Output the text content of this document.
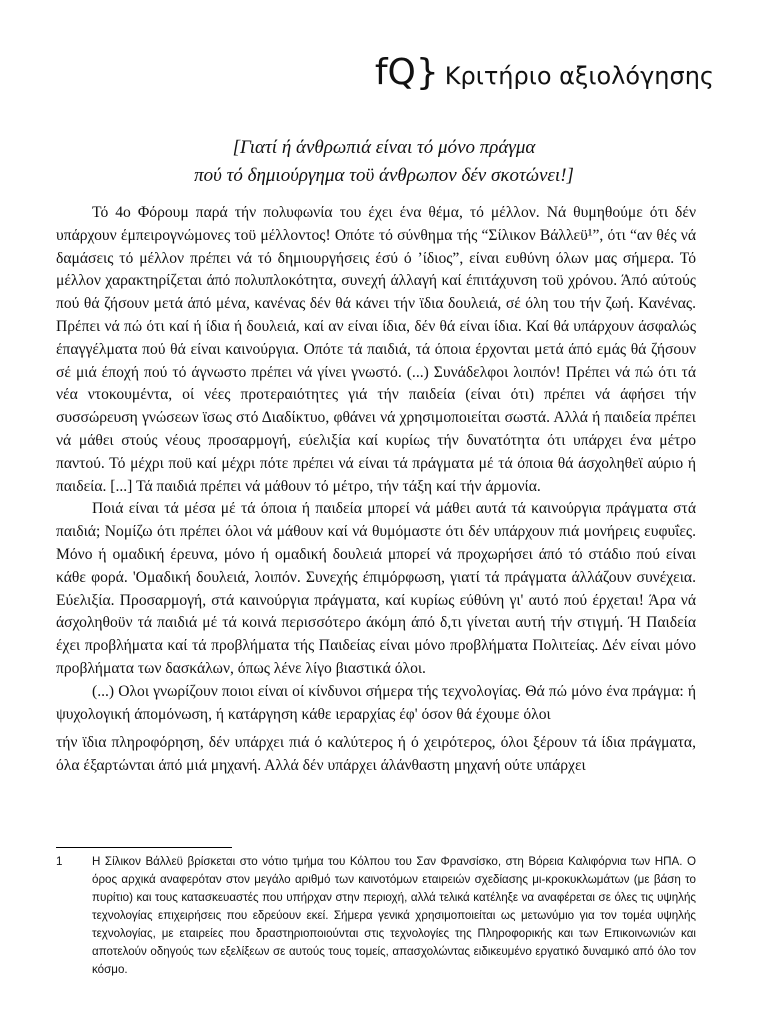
fQ} Κριτήριο αξιολόγησης
[Γιατί ή άνθρωπιά είναι τό μόνο πράγμα
πού τό δημιούργημα τοϋ άνθρωπον δέν σκοτώνει!]

Τό 4ο Φόρουμ παρά τήν πολυφωνία του έχει ένα θέμα, τό μέλλον. Νά θυμηθούμε ότι δέν υπάρχουν έμπειρογνώμονες τοϋ μέλλοντος! Οπότε τό σύνθημα τής “Σίλικον Βάλλεϋ¹”, ότι “αν θές νά δαμάσεις τό μέλλον πρέπει νά τό δημιουργήσεις έσύ ό ’ίδιος”, είναι ευθύνη όλων μας σήμερα. Τό μέλλον χαρακτηρίζεται άπό πολυπλοκότητα, συνεχή άλλαγή καί έπιτάχυνση τοϋ χρόνου. Άπό αύτούς πού θά ζήσουν μετά άπό μένα, κανένας δέν θά κάνει τήν ϊδια δουλειά, σέ όλη του τήν ζωή. Κανένας. Πρέπει νά πώ ότι καί ή ίδια ή δουλειά, καί αν είναι ίδια, δέν θά είναι ίδια. Καί θά υπάρχουν άσφαλώς έπαγγέλματα πού θά είναι καινούργια. Οπότε τά παιδιά, τά όποια έρχονται μετά άπό εμάς θά ζήσουν σέ μιά έποχή πού τό άγνωστο πρέπει νά γίνει γνωστό. (...) Συνάδελφοι λοιπόν! Πρέπει νά πώ ότι τά νέα ντοκουμέντα, οί νέες προτεραιότητες γιά τήν παιδεία (είναι ότι) πρέπει νά άφήσει τήν συσσώρευση γνώσεων ϊσως στό Διαδίκτυο, φθάνει νά χρησιμοποιείται σωστά. Αλλά ή παιδεία πρέπει νά μάθει στούς νέους προσαρμογή, εύελιξία καί κυρίως τήν δυνατότητα ότι υπάρχει ένα μέτρο παντού. Τό μέχρι ποϋ καί μέχρι πότε πρέπει νά είναι τά πράγματα μέ τά όποια θά άσχοληθεϊ αύριο ή παιδεία. [...] Τά παιδιά πρέπει νά μάθουν τό μέτρο, τήν τάξη καί τήν άρμονία.

Ποιά είναι τά μέσα μέ τά όποια ή παιδεία μπορεί νά μάθει αυτά τά καινούργια πράγματα στά παιδιά; Νομίζω ότι πρέπει όλοι νά μάθουν καί νά θυμόμαστε ότι δέν υπάρχουν πιά μονήρεις ευφυΐες. Μόνο ή ομαδική έρευνα, μόνο ή ομαδική δουλειά μπορεί νά προχωρήσει άπό τό στάδιο πού είναι κάθε φορά. 'Ομαδική δουλειά, λοιπόν. Συνεχής έπιμόρφωση, γιατί τά πράγματα άλλάζουν συνέχεια. Εύελιξία. Προσαρμογή, στά καινούργια πράγματα, καί κυρίως εύθύνη γι' αυτό πού έρχεται! Άρα νά άσχοληθοϋν τά παιδιά μέ τά κοινά περισσότερο άκόμη άπό δ,τι γίνεται αυτή τήν στιγμή. Ή Παιδεία έχει προβλήματα καί τά προβλήματα τής Παιδείας είναι μόνο προβλήματα Πολιτείας. Δέν είναι μόνο προβλήματα των δασκάλων, όπως λένε λίγο βιαστικά όλοι.

(...) Ολοι γνωρίζουν ποιοι είναι οί κίνδυνοι σήμερα τής τεχνολογίας. Θά πώ μόνο ένα πράγμα: ή ψυχολογική άπομόνωση, ή κατάργηση κάθε ιεραρχίας έφ' όσον θά έχουμε όλοι

τήν ϊδια πληροφόρηση, δέν υπάρχει πιά ό καλύτερος ή ό χειρότερος, όλοι ξέρουν τά ίδια πράγματα, όλα έξαρτώνται άπό μιά μηχανή. Αλλά δέν υπάρχει άλάνθαστη μηχανή ούτε υπάρχει

1	Η Σίλικον Βάλλεϋ βρίσκεται στο νότιο τμήμα του Κόλπου του Σαν Φρανσίσκο, στη Βόρεια Καλιφόρνια των ΗΠΑ. Ο όρος αρχικά αναφερόταν στον μεγάλο αριθμό των καινοτόμων εταιρειών σχεδίασης μι-κροκυκλωμάτων (με βάση το πυρίτιο) και τους κατασκευαστές που υπήρχαν στην περιοχή, αλλά τελικά κατέληξε να αναφέρεται σε όλες τις υψηλής τεχνολογίας επιχειρήσεις που εδρεύουν εκεί. Σήμερα γενικά χρησιμοποιείται ως μετωνύμιο για τον τομέα υψηλής τεχνολογίας, με εταιρείες που δραστηριοποιούνται στις τεχνολογίες της Πληροφορικής και των Επικοινωνιών και αποτελούν οδηγούς των εξελίξεων σε αυτούς τους τομείς, απασχολώντας ειδικευμένο εργατικό δυναμικό από όλο τον κόσμο.
